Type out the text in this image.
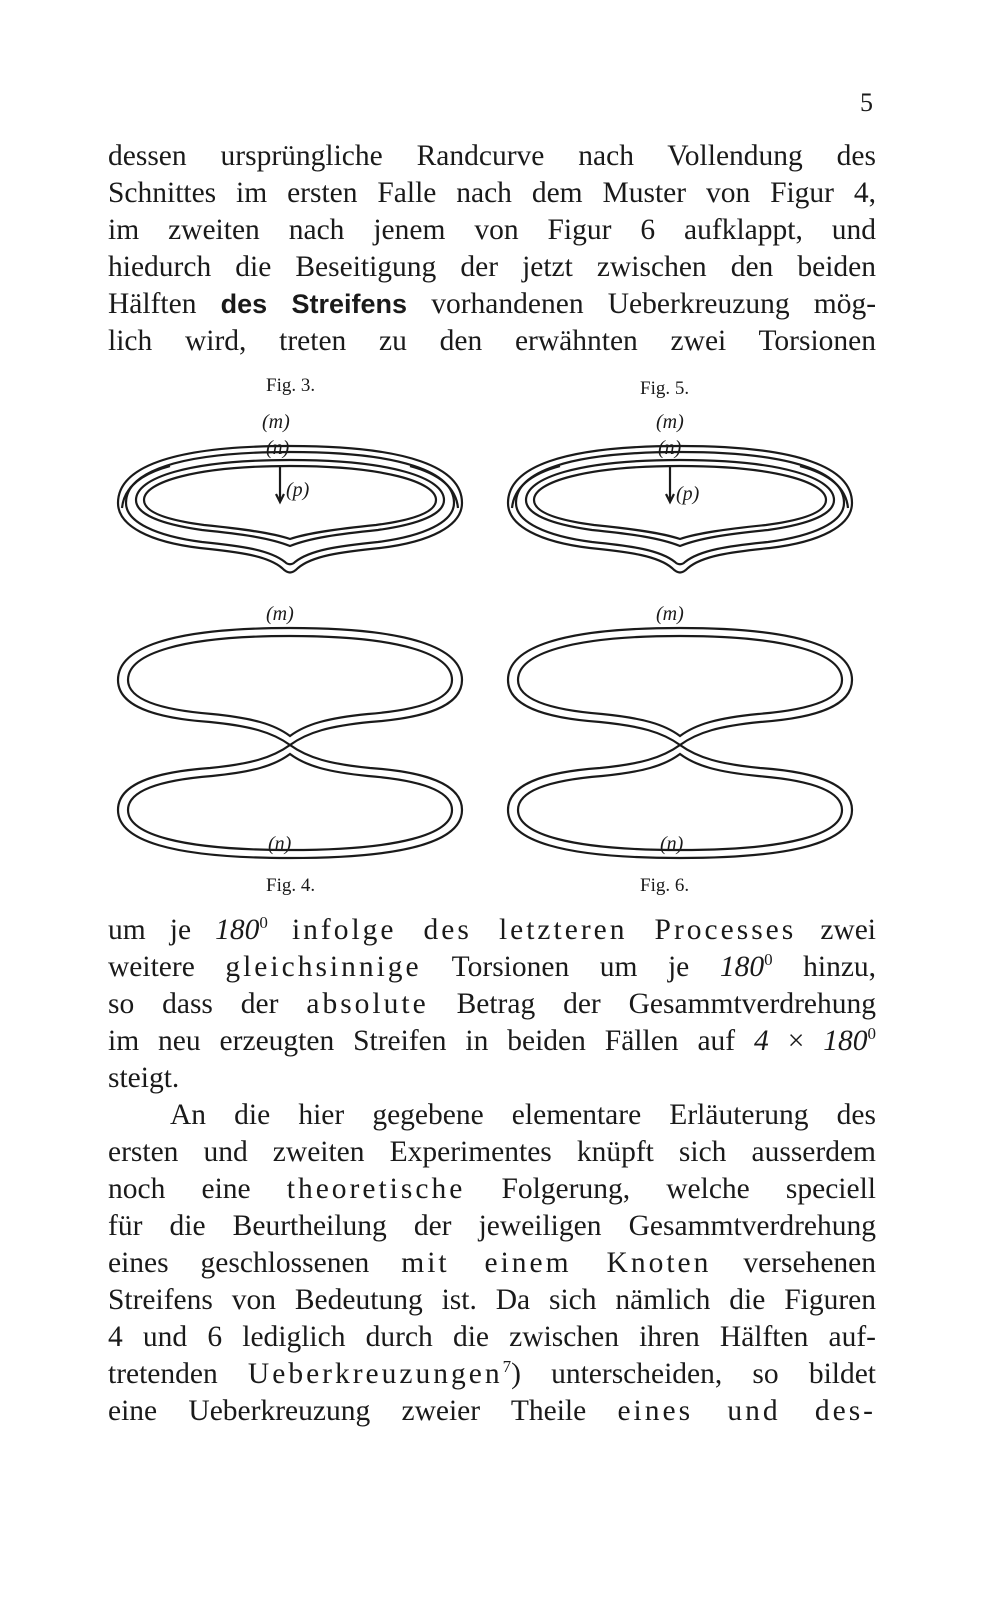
5
dessen ursprüngliche Randcurve nach Vollendung des
Schnittes im ersten Falle nach dem Muster von Figur 4,
im zweiten nach jenem von Figur 6 aufklappt, und
hiedurch die Beseitigung der jetzt zwischen den beiden
Hälften des Streifens vorhandenen Ueberkreuzung mög-
lich wird, treten zu den erwähnten zwei Torsionen
Fig. 3.	Fig. 5.
(m)
(n)
(p)
(m)
(n)
(p)
(m)
(n)
(m)
(n)
Fig. 4.	Fig. 6.
um je $180^0$ infolge des letzteren Processes zwei
weitere gleichsinnige Torsionen um je $180^0$ hinzu,
so dass der absolute Betrag der Gesammtverdrehung
im neu erzeugten Streifen in beiden Fällen auf $4 \times 180^0$
steigt.
An die hier gegebene elementare Erläuterung des
ersten und zweiten Experimentes knüpft sich ausserdem
noch eine theoretische Folgerung, welche speciell
für die Beurtheilung der jeweiligen Gesammtverdrehung
eines geschlossenen mit einem Knoten versehenen
Streifens von Bedeutung ist. Da sich nämlich die Figuren
4 und 6 lediglich durch die zwischen ihren Hälften auf-
tretenden Ueberkreuzungen$^7$) unterscheiden, so bildet
eine Ueberkreuzung zweier Theile eines und des-
